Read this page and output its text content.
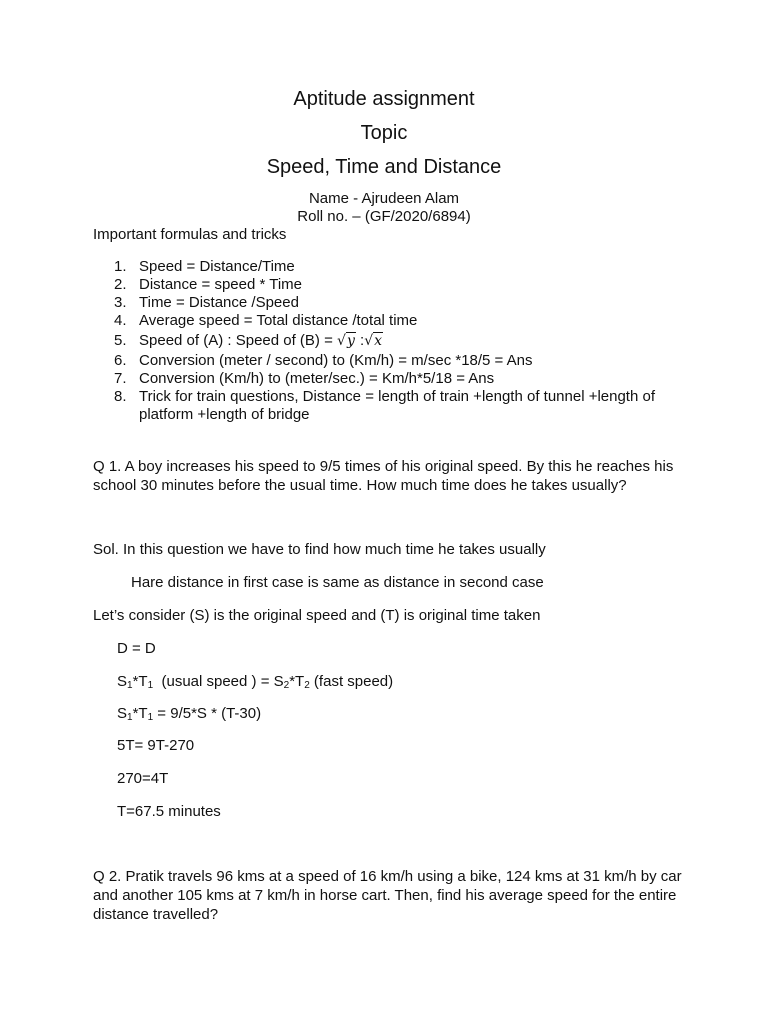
Aptitude assignment
Topic
Speed, Time and Distance
Name - Ajrudeen Alam
Roll no. – (GF/2020/6894)
Important formulas and tricks
1. Speed = Distance/Time
2. Distance = speed * Time
3. Time = Distance /Speed
4. Average speed = Total distance /total time
5. Speed of (A) : Speed of (B) = √y :√x
6. Conversion (meter / second) to (Km/h) = m/sec *18/5 = Ans
7. Conversion (Km/h) to (meter/sec.) = Km/h*5/18 = Ans
8. Trick for train questions, Distance = length of train +length of tunnel +length of platform +length of bridge
Q 1. A boy increases his speed to 9/5 times of his original speed. By this he reaches his school 30 minutes before the usual time. How much time does he takes usually?
Sol. In this question we have to find how much time he takes usually
Hare distance in first case is same as distance in second case
Let’s consider (S) is the original speed and (T) is original time taken
D = D
$S_1*T_1$  (usual speed ) = $S_2*T_2$ (fast speed)
$S_1*T_1 = 9/5*S * (T-30)$
5T= 9T-270
270=4T
T=67.5 minutes
Q 2. Pratik travels 96 kms at a speed of 16 km/h using a bike, 124 kms at 31 km/h by car and another 105 kms at 7 km/h in horse cart. Then, find his average speed for the entire distance travelled?
